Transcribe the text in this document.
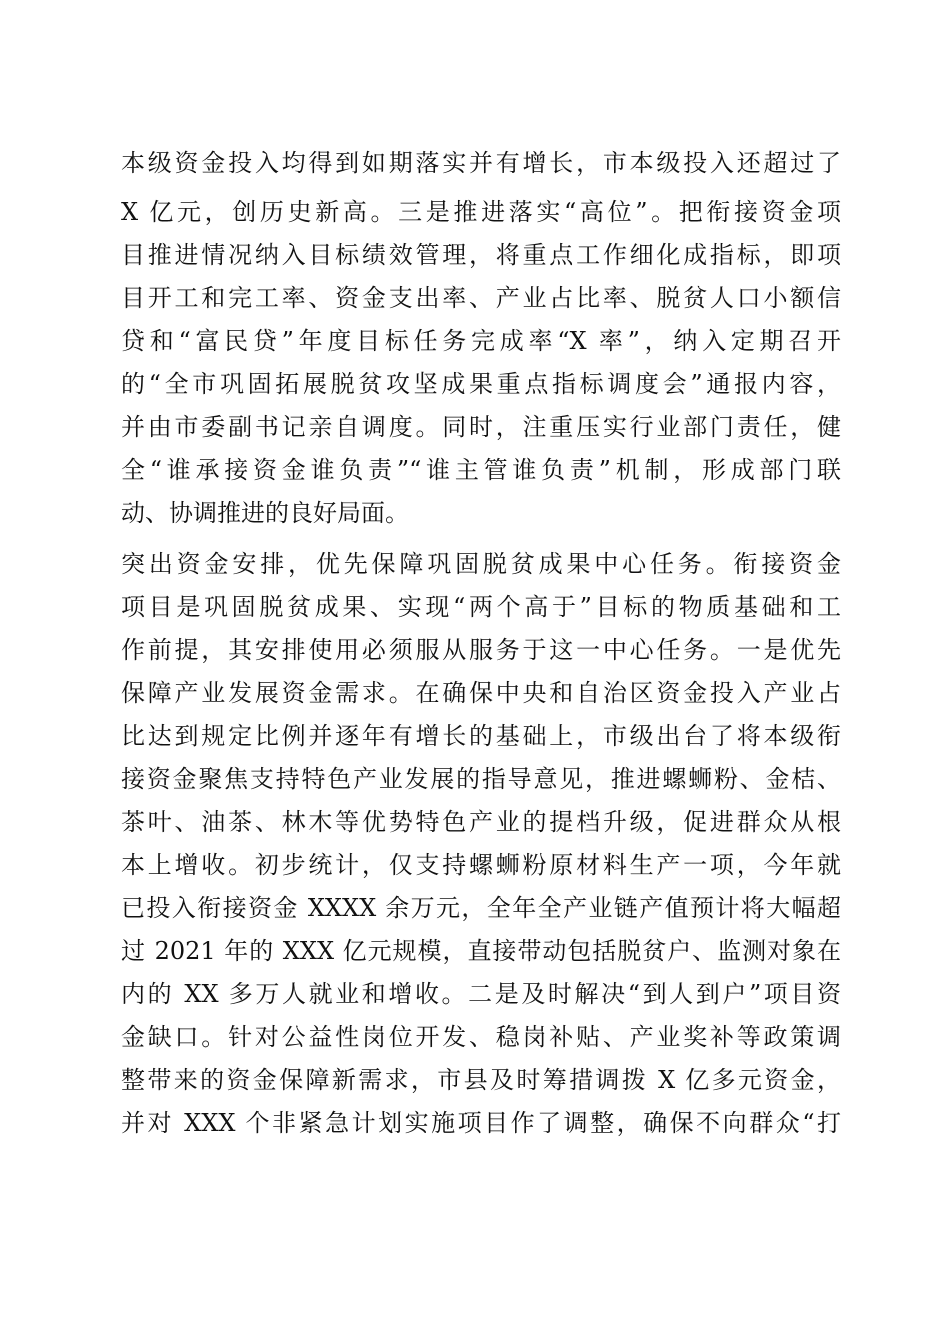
本级资金投入均得到如期落实并有增长，市本级投入还超过了
X 亿元，创历史新高。三是推进落实“高位”。把衔接资金项
目推进情况纳入目标绩效管理，将重点工作细化成指标，即项
目开工和完工率、资金支出率、产业占比率、脱贫人口小额信
贷和“富民贷”年度目标任务完成率“X 率”，纳入定期召开
的“全市巩固拓展脱贫攻坚成果重点指标调度会”通报内容，
并由市委副书记亲自调度。同时，注重压实行业部门责任，健
全“谁承接资金谁负责”“谁主管谁负责”机制，形成部门联
动、协调推进的良好局面。
突出资金安排，优先保障巩固脱贫成果中心任务。衔接资金
项目是巩固脱贫成果、实现“两个高于”目标的物质基础和工
作前提，其安排使用必须服从服务于这一中心任务。一是优先
保障产业发展资金需求。在确保中央和自治区资金投入产业占
比达到规定比例并逐年有增长的基础上，市级出台了将本级衔
接资金聚焦支持特色产业发展的指导意见，推进螺蛳粉、金桔、
茶叶、油茶、林木等优势特色产业的提档升级，促进群众从根
本上增收。初步统计，仅支持螺蛳粉原材料生产一项，今年就
已投入衔接资金 XXXX 余万元，全年全产业链产值预计将大幅超
过 2021 年的 XXX 亿元规模，直接带动包括脱贫户、监测对象在
内的 XX 多万人就业和增收。二是及时解决“到人到户”项目资
金缺口。针对公益性岗位开发、稳岗补贴、产业奖补等政策调
整带来的资金保障新需求，市县及时筹措调拨 X 亿多元资金，
并对 XXX 个非紧急计划实施项目作了调整，确保不向群众“打
